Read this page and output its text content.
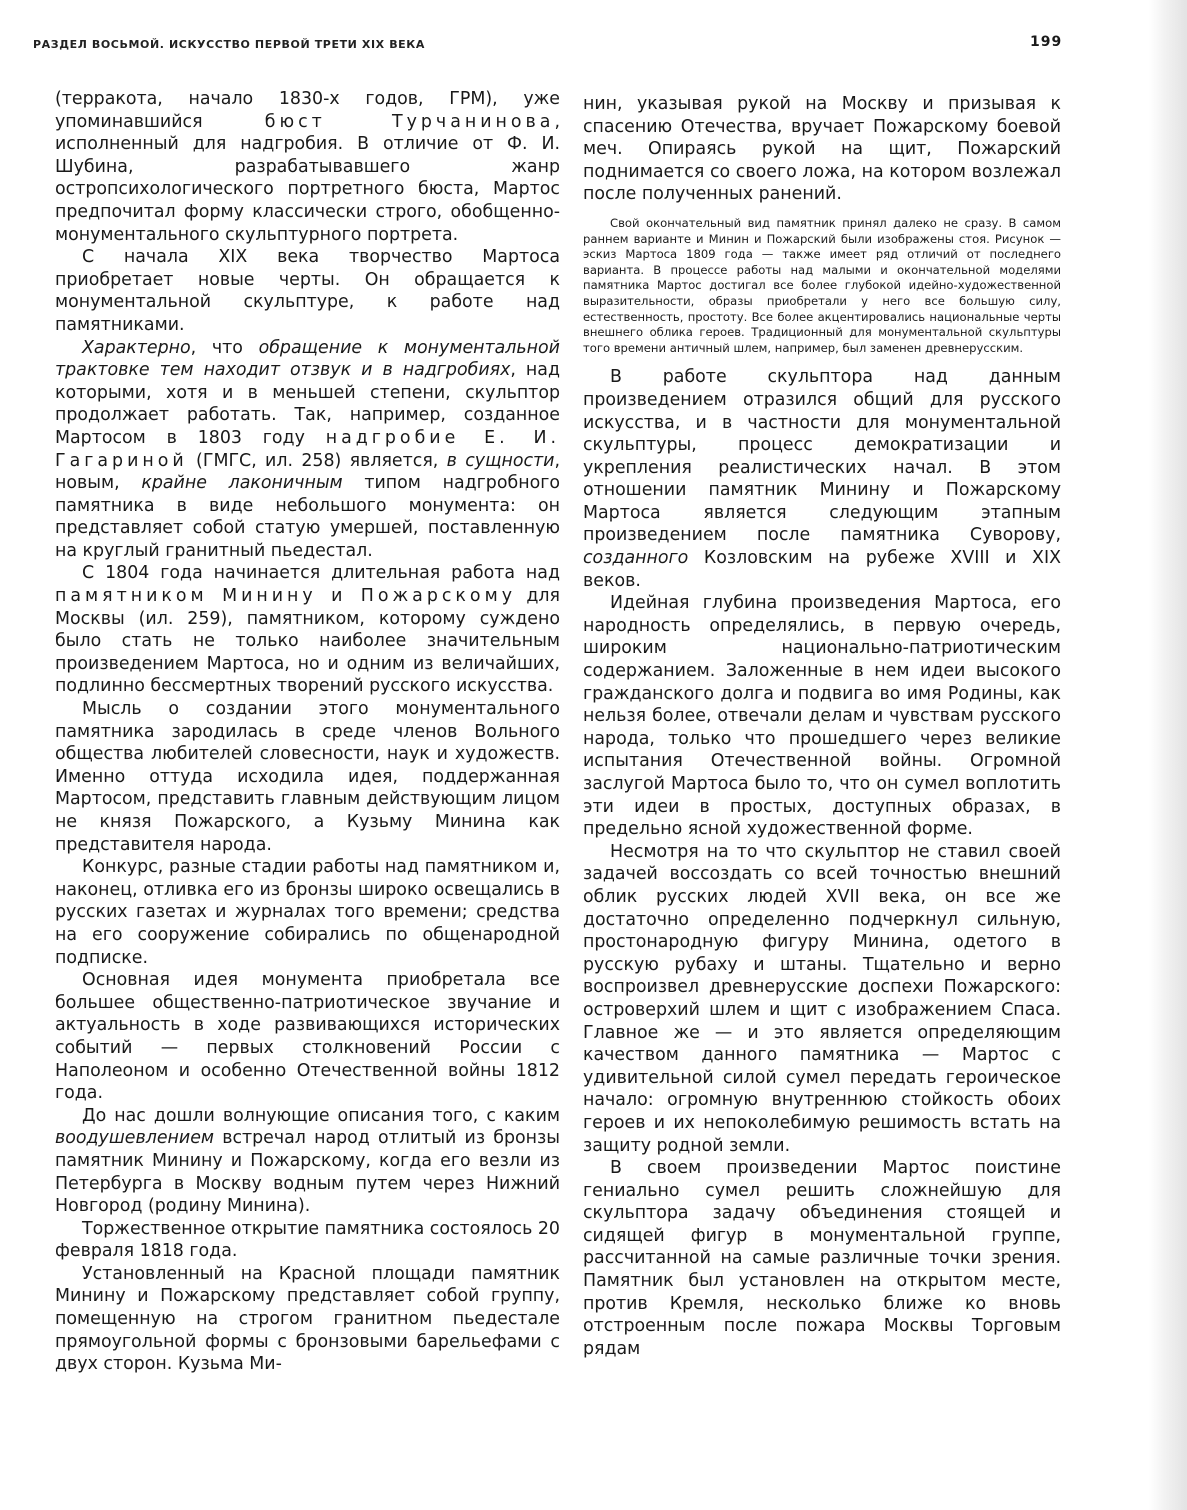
РАЗДЕЛ ВОСЬМОЙ. ИСКУССТВО ПЕРВОЙ ТРЕТИ XIX ВЕКА	199

(терракота, начало 1830-х годов, ГРМ), уже упоминавшийся бюст Турчанинова, исполненный для надгробия. В отличие от Ф. И. Шубина, разрабатывавшего жанр остропсихологического портретного бюста, Мартос предпочитал форму классически строго, обобщенно-монументального скульптурного портрета.

С начала XIX века творчество Мартоса приобретает новые черты. Он обращается к монументальной скульптуре, к работе над памятниками.

Характерно, что обращение к монументальной трактовке тем находит отзвук и в надгробиях, над которыми, хотя и в меньшей степени, скульптор продолжает работать. Так, например, созданное Мартосом в 1803 году надгробие Е. И. Гагариной (ГМГС, ил. 258) является, в сущности, новым, крайне лаконичным типом надгробного памятника в виде небольшого монумента: он представляет собой статую умершей, поставленную на круглый гранитный пьедестал.

С 1804 года начинается длительная работа над памятником Минину и Пожарскому для Москвы (ил. 259), памятником, которому суждено было стать не только наиболее значительным произведением Мартоса, но и одним из величайших, подлинно бессмертных творений русского искусства.

Мысль о создании этого монументального памятника зародилась в среде членов Вольного общества любителей словесности, наук и художеств. Именно оттуда исходила идея, поддержанная Мартосом, представить главным действующим лицом не князя Пожарского, а Кузьму Минина как представителя народа.

Конкурс, разные стадии работы над памятником и, наконец, отливка его из бронзы широко освещались в русских газетах и журналах того времени; средства на его сооружение собирались по общенародной подписке.

Основная идея монумента приобретала все большее общественно-патриотическое звучание и актуальность в ходе развивающихся исторических событий — первых столкновений России с Наполеоном и особенно Отечественной войны 1812 года.

До нас дошли волнующие описания того, с каким воодушевлением встречал народ отлитый из бронзы памятник Минину и Пожарскому, когда его везли из Петербурга в Москву водным путем через Нижний Новгород (родину Минина).

Торжественное открытие памятника состоялось 20 февраля 1818 года.

Установленный на Красной площади памятник Минину и Пожарскому представляет собой группу, помещенную на строгом гранитном пьедестале прямоугольной формы с бронзовыми барельефами с двух сторон. Кузьма Ми-

нин, указывая рукой на Москву и призывая к спасению Отечества, вручает Пожарскому боевой меч. Опираясь рукой на щит, Пожарский поднимается со своего ложа, на котором возлежал после полученных ранений.

Свой окончательный вид памятник принял далеко не сразу. В самом раннем варианте и Минин и Пожарский были изображены стоя. Рисунок — эскиз Мартоса 1809 года — также имеет ряд отличий от последнего варианта. В процессе работы над малыми и окончательной моделями памятника Мартос достигал все более глубокой идейно-художественной выразительности, образы приобретали у него все большую силу, естественность, простоту. Все более акцентировались национальные черты внешнего облика героев. Традиционный для монументальной скульптуры того времени античный шлем, например, был заменен древнерусским.

В работе скульптора над данным произведением отразился общий для русского искусства, и в частности для монументальной скульптуры, процесс демократизации и укрепления реалистических начал. В этом отношении памятник Минину и Пожарскому Мартоса является следующим этапным произведением после памятника Суворову, созданного Козловским на рубеже XVIII и XIX веков.

Идейная глубина произведения Мартоса, его народность определялись, в первую очередь, широким национально-патриотическим содержанием. Заложенные в нем идеи высокого гражданского долга и подвига во имя Родины, как нельзя более, отвечали делам и чувствам русского народа, только что прошедшего через великие испытания Отечественной войны. Огромной заслугой Мартоса было то, что он сумел воплотить эти идеи в простых, доступных образах, в предельно ясной художественной форме.

Несмотря на то что скульптор не ставил своей задачей воссоздать со всей точностью внешний облик русских людей XVII века, он все же достаточно определенно подчеркнул сильную, простонародную фигуру Минина, одетого в русскую рубаху и штаны. Тщательно и верно воспроизвел древнерусские доспехи Пожарского: островерхий шлем и щит с изображением Спаса. Главное же — и это является определяющим качеством данного памятника — Мартос с удивительной силой сумел передать героическое начало: огромную внутреннюю стойкость обоих героев и их непоколебимую решимость встать на защиту родной земли.

В своем произведении Мартос поистине гениально сумел решить сложнейшую для скульптора задачу объединения стоящей и сидящей фигур в монументальной группе, рассчитанной на самые различные точки зрения. Памятник был установлен на открытом месте, против Кремля, несколько ближе ко вновь отстроенным после пожара Москвы Торговым рядам
